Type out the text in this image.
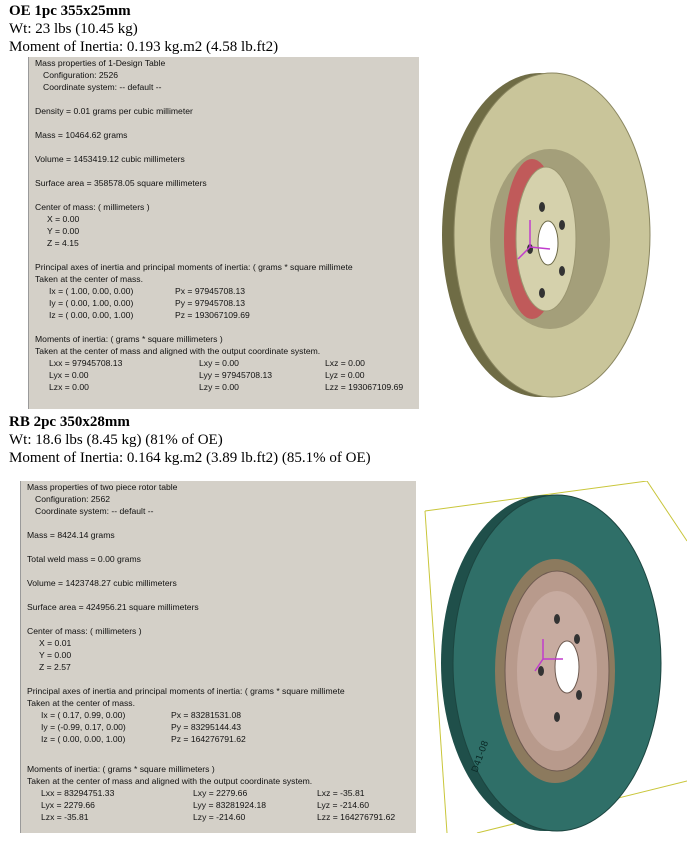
OE 1pc 355x25mm
Wt: 23 lbs (10.45 kg)
Moment of Inertia: 0.193 kg.m2 (4.58 lb.ft2)
Mass properties of 1-Design Table
Configuration: 2526
Coordinate system: -- default --
Density = 0.01 grams per cubic millimeter
Mass = 10464.62 grams
Volume = 1453419.12 cubic millimeters
Surface area = 358578.05 square millimeters
Center of mass: ( millimeters )
X = 0.00
Y = 0.00
Z = 4.15
Principal axes of inertia and principal moments of inertia: ( grams * square millimete
Taken at the center of mass.
Ix = ( 1.00, 0.00, 0.00)	Px = 97945708.13
Iy = ( 0.00, 1.00, 0.00)	Py = 97945708.13
Iz = ( 0.00, 0.00, 1.00)	Pz = 193067109.69
Moments of inertia: ( grams * square millimeters )
Taken at the center of mass and aligned with the output coordinate system.
Lxx = 97945708.13	Lxy = 0.00	Lxz = 0.00
Lyx = 0.00	Lyy = 97945708.13	Lyz = 0.00
Lzx = 0.00	Lzy = 0.00	Lzz = 193067109.69
RB 2pc 350x28mm
Wt: 18.6 lbs (8.45 kg) (81% of OE)
Moment of Inertia: 0.164 kg.m2 (3.89 lb.ft2) (85.1% of OE)
Mass properties of two piece rotor table
Configuration: 2562
Coordinate system: -- default --
Mass = 8424.14 grams
Total weld mass = 0.00 grams
Volume = 1423748.27 cubic millimeters
Surface area = 424956.21 square millimeters
Center of mass: ( millimeters )
X = 0.01
Y = 0.00
Z = 2.57
Principal axes of inertia and principal moments of inertia: ( grams * square millimete
Taken at the center of mass.
Ix = ( 0.17, 0.99, 0.00)	Px = 83281531.08
Iy = (-0.99, 0.17, 0.00)	Py = 83295144.43
Iz = ( 0.00, 0.00, 1.00)	Pz = 164276791.62
Moments of inertia: ( grams * square millimeters )
Taken at the center of mass and aligned with the output coordinate system.
Lxx = 83294751.33	Lxy = 2279.66	Lxz = -35.81
Lyx = 2279.66	Lyy = 83281924.18	Lyz = -214.60
Lzx = -35.81	Lzy = -214.60	Lzz = 164276791.62
D41-08
